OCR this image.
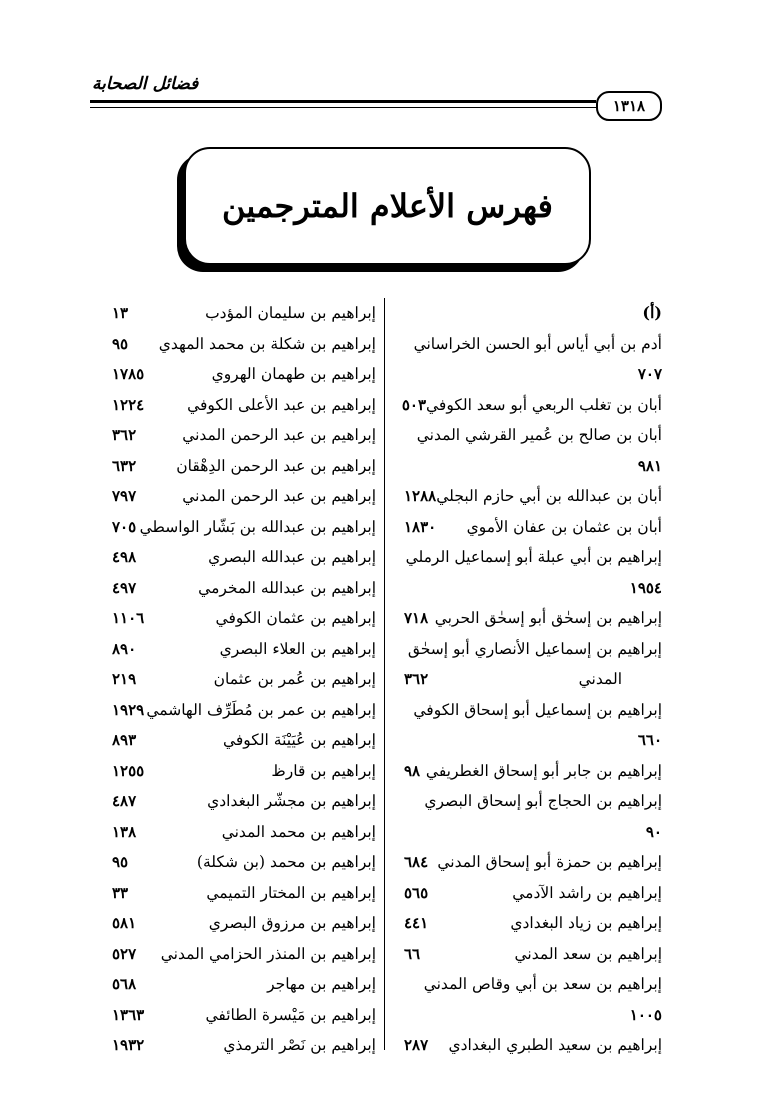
فضائل الصحابة
١٣١٨
فهرس الأعلام المترجمين
(أ)
أدم بن أبي أياس أبو الحسن الخراساني
٧٠٧
أبان بن تغلب الربعي أبو سعد الكوفي
٥٠٣
أبان بن صالح بن عُمير القرشي المدني
٩٨١
أبان بن عبدالله بن أبي حازم البجلي
١٢٨٨
أبان بن عثمان بن عفان الأموي
١٨٣٠
إبراهيم بن أبي عبلة أبو إسماعيل الرملي
١٩٥٤
إبراهيم بن إسحٰق أبو إسحٰق الحربي
٧١٨
إبراهيم بن إسماعيل الأنصاري أبو إسحٰق
المدني
٣٦٢
إبراهيم بن إسماعيل أبو إسحاق الكوفي
٦٦٠
إبراهيم بن جابر أبو إسحاق الغطريفي
٩٨
إبراهيم بن الحجاج أبو إسحاق البصري
٩٠
إبراهيم بن حمزة أبو إسحاق المدني
٦٨٤
إبراهيم بن راشد الآدمي
٥٦٥
إبراهيم بن زياد البغدادي
٤٤١
إبراهيم بن سعد المدني
٦٦
إبراهيم بن سعد بن أبي وقاص المدني
١٠٠٥
إبراهيم بن سعيد الطبري البغدادي
٢٨٧
إبراهيم بن سليمان المؤدب
١٣
إبراهيم بن شكلة بن محمد المهدي
٩٥
إبراهيم بن طهمان الهروي
١٧٨٥
إبراهيم بن عبد الأعلى الكوفي
١٢٢٤
إبراهيم بن عبد الرحمن المدني
٣٦٢
إبراهيم بن عبد الرحمن الدِهْقان
٦٣٢
إبراهيم بن عبد الرحمن المدني
٧٩٧
إبراهيم بن عبدالله بن بَشّار الواسطي
٧٠٥
إبراهيم بن عبدالله البصري
٤٩٨
إبراهيم بن عبدالله المخرمي
٤٩٧
إبراهيم بن عثمان الكوفي
١١٠٦
إبراهيم بن العلاء البصري
٨٩٠
إبراهيم بن عُمر بن عثمان
٢١٩
إبراهيم بن عمر بن مُطَرِّف الهاشمي
١٩٢٩
إبراهيم بن عُيَيْنَة الكوفي
٨٩٣
إبراهيم بن قارظ
١٢٥٥
إبراهيم بن مجشّر البغدادي
٤٨٧
إبراهيم بن محمد المدني
١٣٨
إبراهيم بن محمد (بن شكلة)
٩٥
إبراهيم بن المختار التميمي
٣٣
إبراهيم بن مرزوق البصري
٥٨١
إبراهيم بن المنذر الحزامي المدني
٥٢٧
إبراهيم بن مهاجر
٥٦٨
إبراهيم بن مَيْسرة الطائفي
١٣٦٣
إبراهيم بن نَصْر الترمذي
١٩٣٢
